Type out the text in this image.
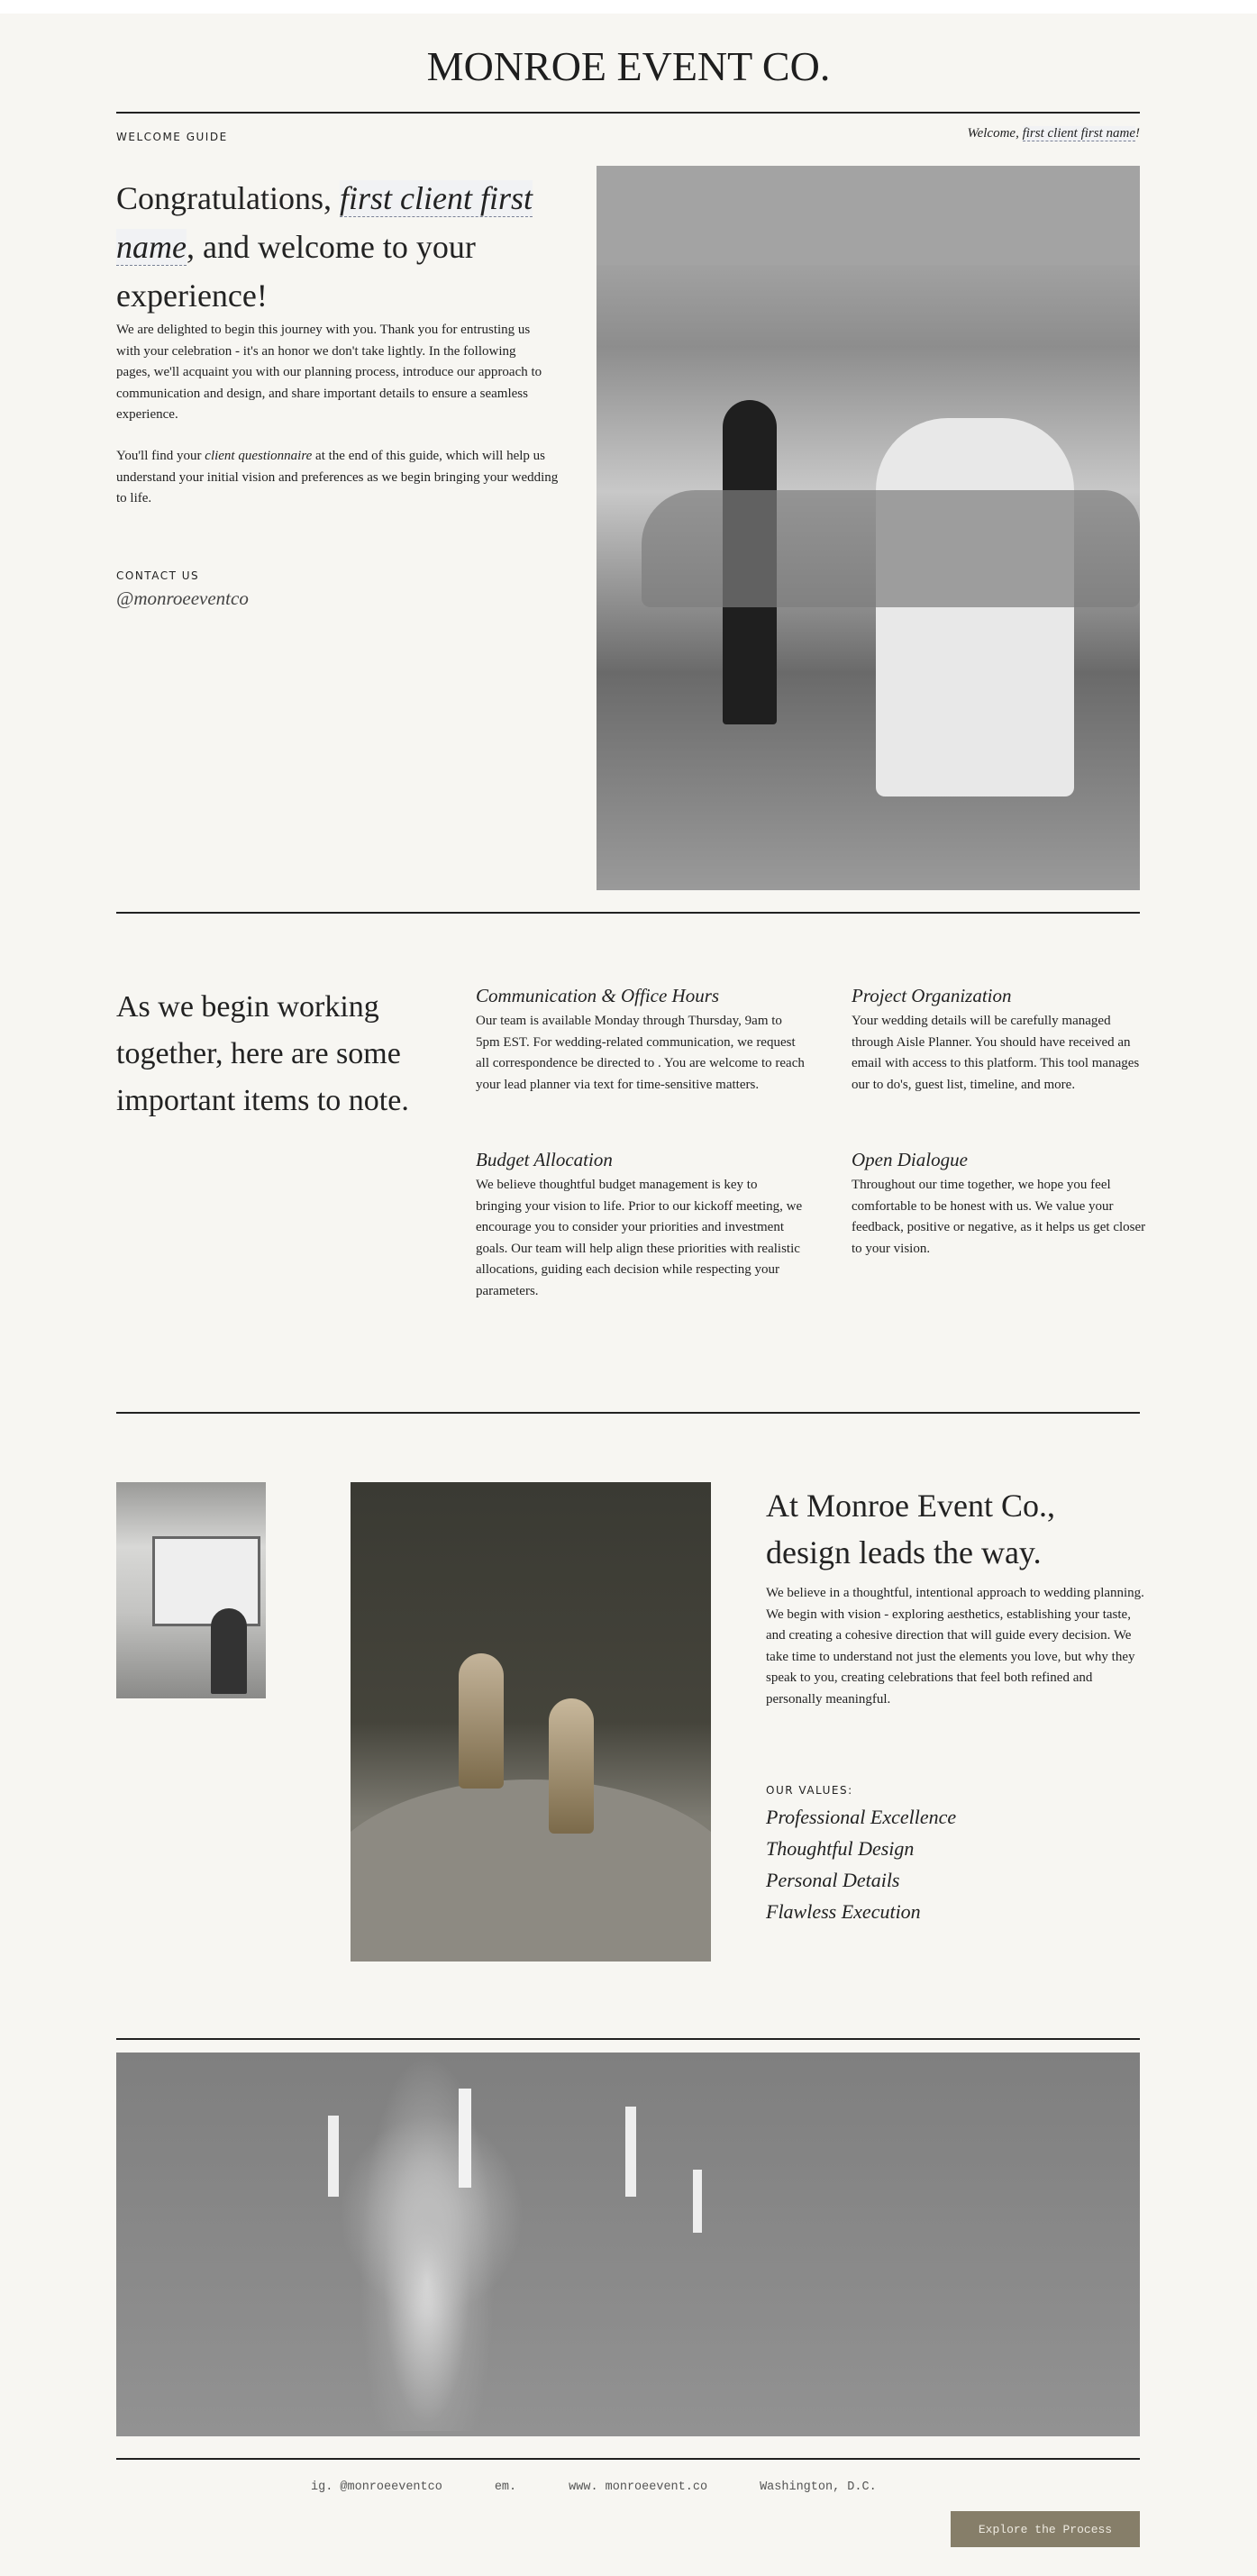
MONROE EVENT CO.
WELCOME GUIDE	Welcome, first client first name!
Congratulations, first client first name, and welcome to your experience!

We are delighted to begin this journey with you. Thank you for entrusting us with your celebration - it's an honor we don't take lightly. In the following pages, we'll acquaint you with our planning process, introduce our approach to communication and design, and share important details to ensure a seamless experience.

You'll find your client questionnaire at the end of this guide, which will help us understand your initial vision and preferences as we begin bringing your wedding to life.

CONTACT US
@monroeeventco
As we begin working together, here are some important items to note.
Communication & Office Hours

Our team is available Monday through Thursday, 9am to 5pm EST. For wedding-related communication, we request all correspondence be directed to . You are welcome to reach your lead planner via text for time-sensitive matters.

Project Organization

Your wedding details will be carefully managed through Aisle Planner. You should have received an email with access to this platform. This tool manages our to do's, guest list, timeline, and more.

Budget Allocation

We believe thoughtful budget management is key to bringing your vision to life. Prior to our kickoff meeting, we encourage you to consider your priorities and investment goals. Our team will help align these priorities with realistic allocations, guiding each decision while respecting your parameters.

Open Dialogue

Throughout our time together, we hope you feel comfortable to be honest with us. We value your feedback, positive or negative, as it helps us get closer to your vision.

At Monroe Event Co., design leads the way.

We believe in a thoughtful, intentional approach to wedding planning. We begin with vision - exploring aesthetics, establishing your taste, and creating a cohesive direction that will guide every decision. We take time to understand not just the elements you love, but why they speak to you, creating celebrations that feel both refined and personally meaningful.

OUR VALUES:
Professional Excellence
Thoughtful Design
Personal Details
Flawless Execution
ig. @monroeeventco	em.	www. monroeevent.co	Washington, D.C.
Explore the Process
